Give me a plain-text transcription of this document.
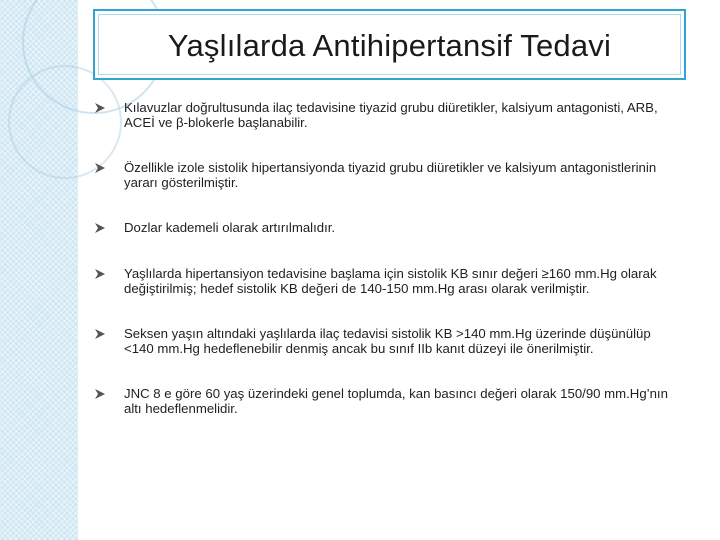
Yaşlılarda Antihipertansif Tedavi
Kılavuzlar doğrultusunda ilaç tedavisine tiyazid grubu diüretikler, kalsiyum antagonisti, ARB, ACEİ ve β-blokerle başlanabilir.
Özellikle izole sistolik hipertansiyonda tiyazid grubu diüretikler ve kalsiyum antagonistlerinin yararı gösterilmiştir.
Dozlar kademeli olarak artırılmalıdır.
Yaşlılarda hipertansiyon tedavisine başlama için sistolik KB sınır değeri ≥160 mm.Hg olarak değiştirilmiş; hedef sistolik KB değeri de 140-150 mm.Hg arası olarak verilmiştir.
Seksen yaşın altındaki yaşlılarda ilaç tedavisi sistolik KB >140 mm.Hg üzerinde düşünülüp <140 mm.Hg hedeflenebilir denmiş ancak bu sınıf IIb kanıt düzeyi ile önerilmiştir.
JNC 8 e göre 60 yaş üzerindeki genel toplumda, kan basıncı değeri olarak 150/90 mm.Hg’nın altı hedeflenmelidir.
